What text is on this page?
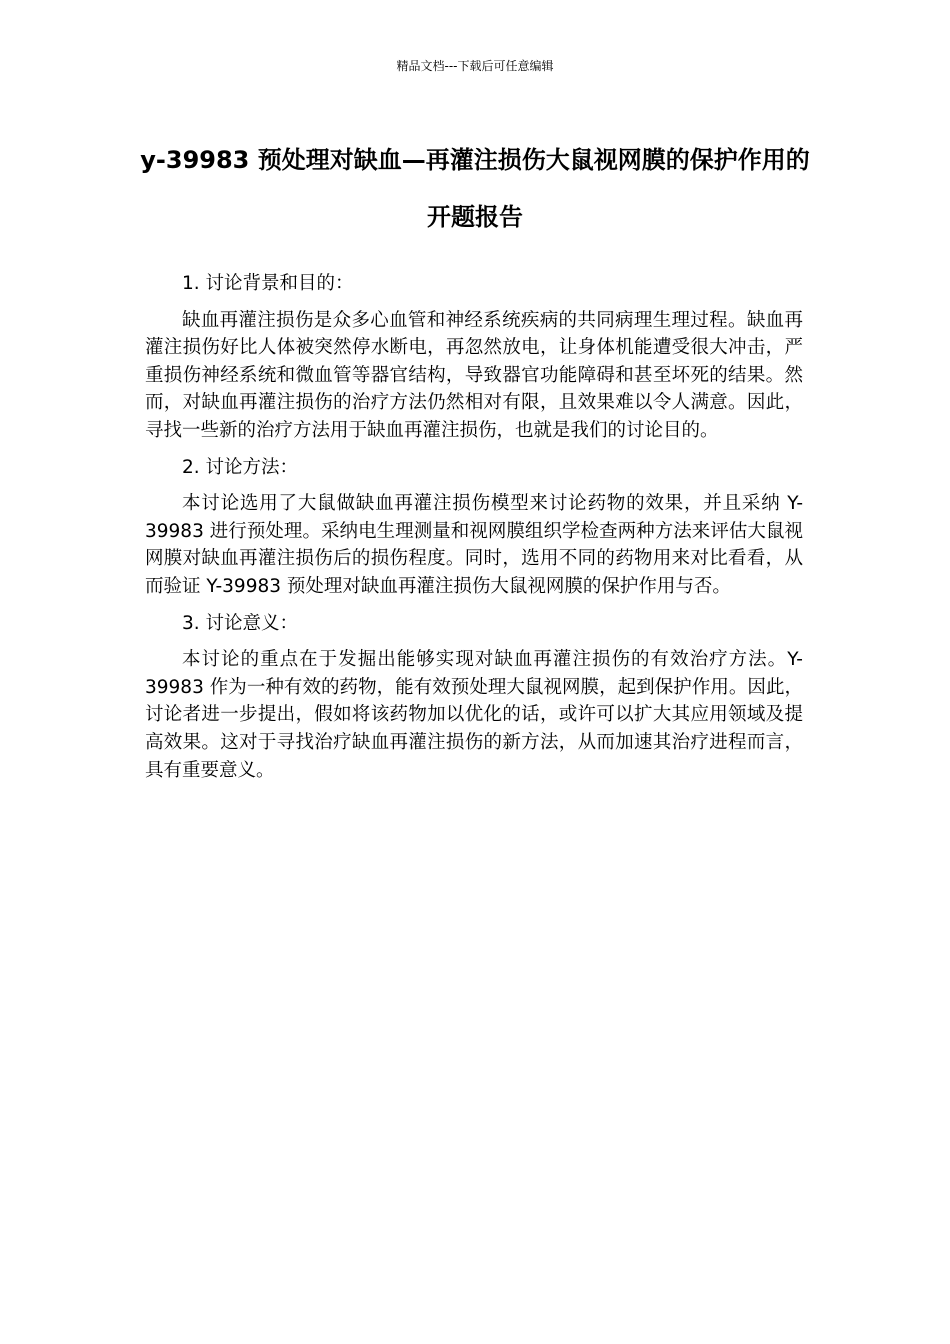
精品文档---下载后可任意编辑
y-39983 预处理对缺血—再灌注损伤大鼠视网膜的保护作用的开题报告

1. 讨论背景和目的：

缺血再灌注损伤是众多心血管和神经系统疾病的共同病理生理过程。缺血再灌注损伤好比人体被突然停水断电，再忽然放电，让身体机能遭受很大冲击，严重损伤神经系统和微血管等器官结构，导致器官功能障碍和甚至坏死的结果。然而，对缺血再灌注损伤的治疗方法仍然相对有限，且效果难以令人满意。因此，寻找一些新的治疗方法用于缺血再灌注损伤，也就是我们的讨论目的。

2. 讨论方法：

本讨论选用了大鼠做缺血再灌注损伤模型来讨论药物的效果，并且采纳 Y-39983 进行预处理。采纳电生理测量和视网膜组织学检查两种方法来评估大鼠视网膜对缺血再灌注损伤后的损伤程度。同时，选用不同的药物用来对比看看，从而验证 Y-39983 预处理对缺血再灌注损伤大鼠视网膜的保护作用与否。

3. 讨论意义：

本讨论的重点在于发掘出能够实现对缺血再灌注损伤的有效治疗方法。Y-39983 作为一种有效的药物，能有效预处理大鼠视网膜，起到保护作用。因此，讨论者进一步提出，假如将该药物加以优化的话，或许可以扩大其应用领域及提高效果。这对于寻找治疗缺血再灌注损伤的新方法，从而加速其治疗进程而言，具有重要意义。
